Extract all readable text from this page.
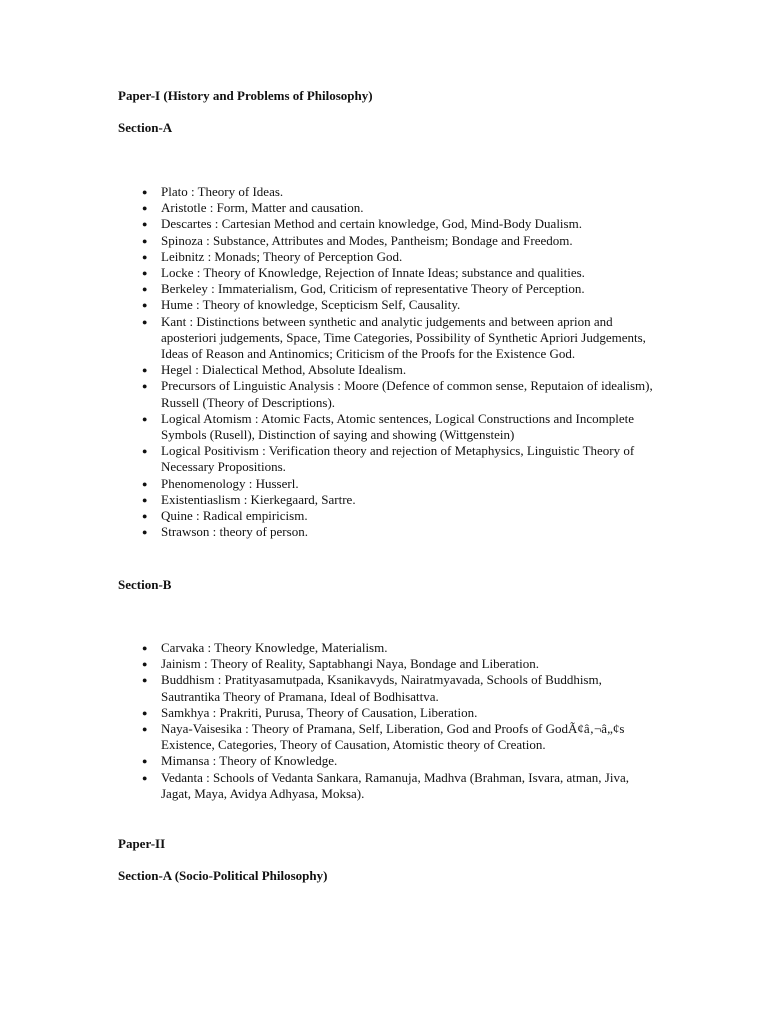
Paper-I (History and Problems of Philosophy)
Section-A
● Plato : Theory of Ideas.
● Aristotle : Form, Matter and causation.
● Descartes : Cartesian Method and certain knowledge, God, Mind-Body Dualism.
● Spinoza : Substance, Attributes and Modes, Pantheism; Bondage and Freedom.
● Leibnitz : Monads; Theory of Perception God.
● Locke : Theory of Knowledge, Rejection of Innate Ideas; substance and qualities.
● Berkeley : Immaterialism, God, Criticism of representative Theory of Perception.
● Hume : Theory of knowledge, Scepticism Self, Causality.
● Kant : Distinctions between synthetic and analytic judgements and between aprion and aposteriori judgements, Space, Time Categories, Possibility of Synthetic Apriori Judgements, Ideas of Reason and Antinomics; Criticism of the Proofs for the Existence God.
● Hegel : Dialectical Method, Absolute Idealism.
● Precursors of Linguistic Analysis : Moore (Defence of common sense, Reputaion of idealism), Russell (Theory of Descriptions).
● Logical Atomism : Atomic Facts, Atomic sentences, Logical Constructions and Incomplete Symbols (Rusell), Distinction of saying and showing (Wittgenstein)
● Logical Positivism : Verification theory and rejection of Metaphysics, Linguistic Theory of Necessary Propositions.
● Phenomenology : Husserl.
● Existentiaslism : Kierkegaard, Sartre.
● Quine : Radical empiricism.
● Strawson : theory of person.
Section-B
● Carvaka : Theory Knowledge, Materialism.
● Jainism : Theory of Reality, Saptabhangi Naya, Bondage and Liberation.
● Buddhism : Pratityasamutpada, Ksanikavyds, Nairatmyavada, Schools of Buddhism, Sautrantika Theory of Pramana, Ideal of Bodhisattva.
● Samkhya : Prakriti, Purusa, Theory of Causation, Liberation.
● Naya-Vaisesika : Theory of Pramana, Self, Liberation, God and Proofs of GodÃ¢â‚¬â„¢s Existence, Categories, Theory of Causation, Atomistic theory of Creation.
● Mimansa : Theory of Knowledge.
● Vedanta : Schools of Vedanta Sankara, Ramanuja, Madhva (Brahman, Isvara, atman, Jiva, Jagat, Maya, Avidya Adhyasa, Moksa).
Paper-II
Section-A (Socio-Political Philosophy)
